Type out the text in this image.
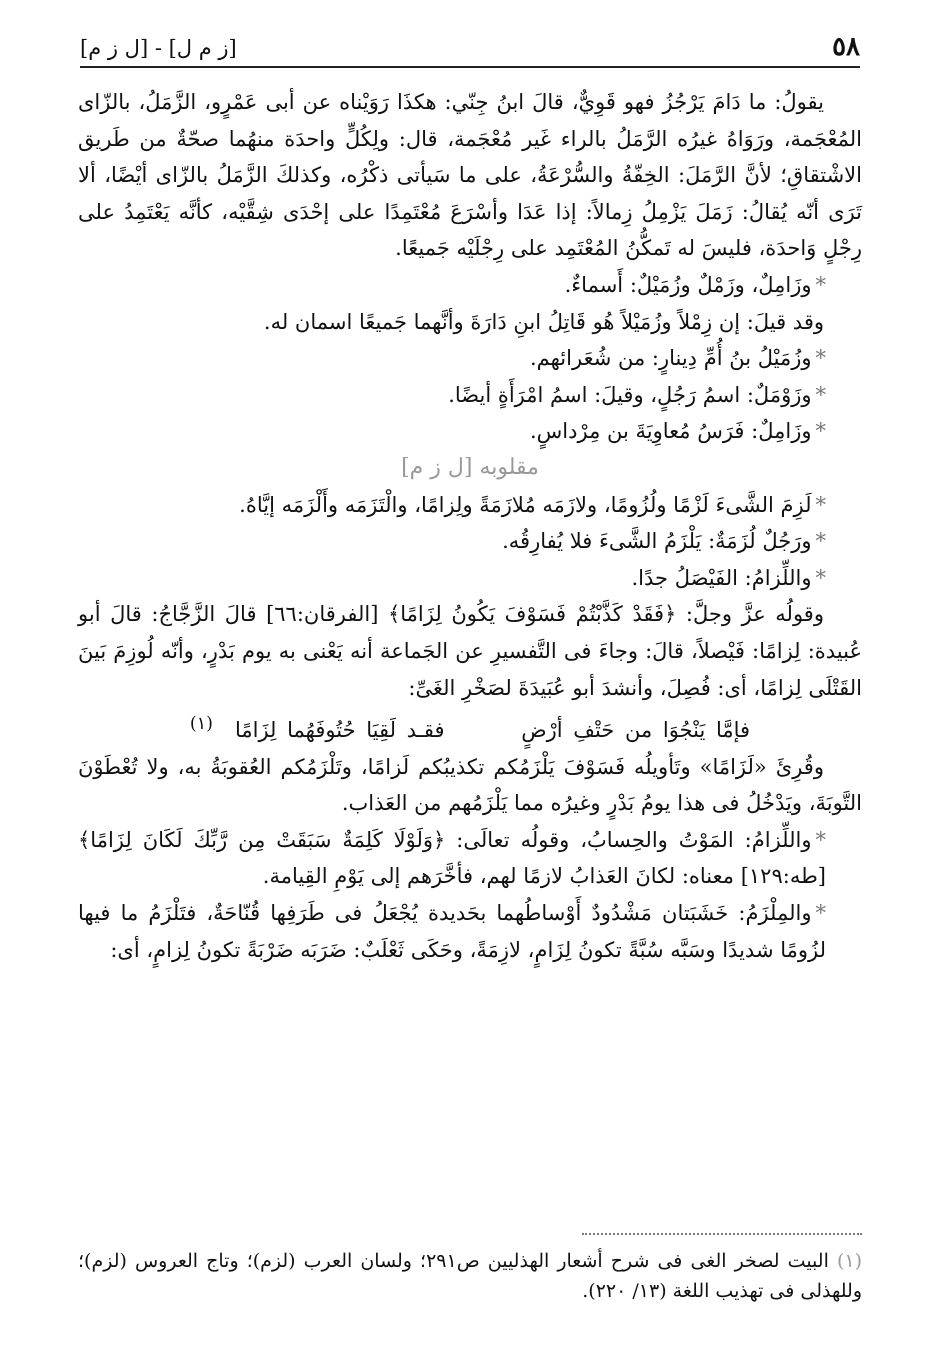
٥٨
[ز م ل] - [ل ز م]

يقولُ: ما دَامَ يَرْجُزُ فهو قَوِيٌّ، قالَ ابنُ جِنّي: هكذَا رَوَيْناه عن أبى عَمْرٍو، الزَّمَلُ، بالزّاى المُعْجَمة، ورَوَاهُ غيرُه الرَّمَلُ بالراء غَير مُعْجَمة، قال: ولِكُلٍّ واحدَة منهُما صحّةٌ من طَريق الاشْتقاقِ؛ لأنَّ الرَّمَلَ: الخِفّةُ والسُّرْعَةُ، على ما سَيأتى ذكْرُه، وكذلكَ الزَّمَلُ بالزّاى أيْضًا، ألا تَرَى أنّه يُقالُ: زَمَلَ يَزْمِلُ زِمالاً: إذا عَدَا وأسْرَعَ مُعْتَمِدًا على إحْدَى شِقَّيْه، كأنَّه يَعْتَمِدُ على رِجْلٍ وَاحدَة، فليسَ له تَمكُّنُ المُعْتَمِد على رِجْلَيْه جَميعًا.

*وزَامِلٌ، وزَمْلٌ وزُمَيْلٌ: أَسماءٌ.

وقد قيلَ: إن زِمْلاً وزُمَيْلاً هُو قَاتِلُ ابنِ دَارَةَ وأنَّهما جَميعًا اسمان له.

*وزُمَيْلُ بنُ أُمِّ دِينارٍ: من شُعَرائهم.

*وزَوْمَلٌ: اسمُ رَجُلٍ، وقيلَ: اسمُ امْرَأَةٍ أيضًا.

*وزَامِلٌ: فَرَسُ مُعاوِيَةَ بن مِرْداسٍ.

مقلوبه [ل ز م]

*لَزِمَ الشَّىءَ لَزْمًا ولُزُومًا، ولازَمَه مُلازَمَةً ولِزامًا، والْتَزَمَه وأَلْزَمَه إيَّاهُ.

*ورَجُلٌ لُزَمَةٌ: يَلْزَمُ الشَّىءَ فلا يُفارِقُه.

*واللِّزامُ: الفَيْصَلُ جدًا.

وقولُه عزَّ وجلَّ: ﴿فَقَدْ كَذَّبْتُمْ فَسَوْفَ يَكُونُ لِزَامًا﴾ [الفرقان:٦٦] قالَ الزَّجَّاجُ: قالَ أبو عُبيدة: لِزامًا: فَيْصلاً، قالَ: وجاءَ فى التَّفسيرِ عن الجَماعة أنه يَعْنى به يوم بَدْرٍ، وأنّه لُوزِمَ بَينَ القَتْلَى لِزامًا، أى: فُصِلَ، وأنشدَ أبو عُبَيدَةَ لصَخْرِ الغَىِّ:

فإمَّا يَنْجُوَا من حَتْفِ أرْضٍ فقـد لَقِيَا حُتُوفَهُما لِزَامًا$^{(١)}$

وقُرِئَ «لَزَامًا» وتَأويلُه فَسَوْفَ يَلْزَمُكم تكذيبُكم لَزامًا، وتَلْزَمُكم العُقوبَةُ به، ولا تُعْطَوْنَ التَّوبَةَ، ويَدْخُلُ فى هذا يومُ بَدْرٍ وغيرُه مما يَلْزَمُهم من العَذاب.

*واللِّزامُ: المَوْتُ والحِسابُ، وقولُه تعالَى: ﴿وَلَوْلَا كَلِمَةٌ سَبَقَتْ مِن رَّبِّكَ لَكَانَ لِزَامًا﴾ [طه:١٢٩] معناه: لكانَ العَذابُ لازمًا لهم، فأخَّرَهم إلى يَوْمِ القِيامة.

*والمِلْزَمُ: خَشَبَتان مَشْدُودٌ أَوْساطُهما بحَديدة يُجْعَلُ فى طَرَفِها قُنّاحَةٌ، فتَلْزَمُ ما فيها لزُومًا شديدًا وسَبَّه سُبَّةً تكونُ لِزَامٍ، لازِمَةً، وحَكَى ثَعْلَبٌ: ضَرَبَه ضَرْبَةً تكونُ لِزامٍ، أى:

(١) البيت لصخر الغى فى شرح أشعار الهذليين ص٢٩١؛ ولسان العرب (لزم)؛ وتاج العروس (لزم)؛ وللهذلى فى تهذيب اللغة (١٣/ ٢٢٠).
